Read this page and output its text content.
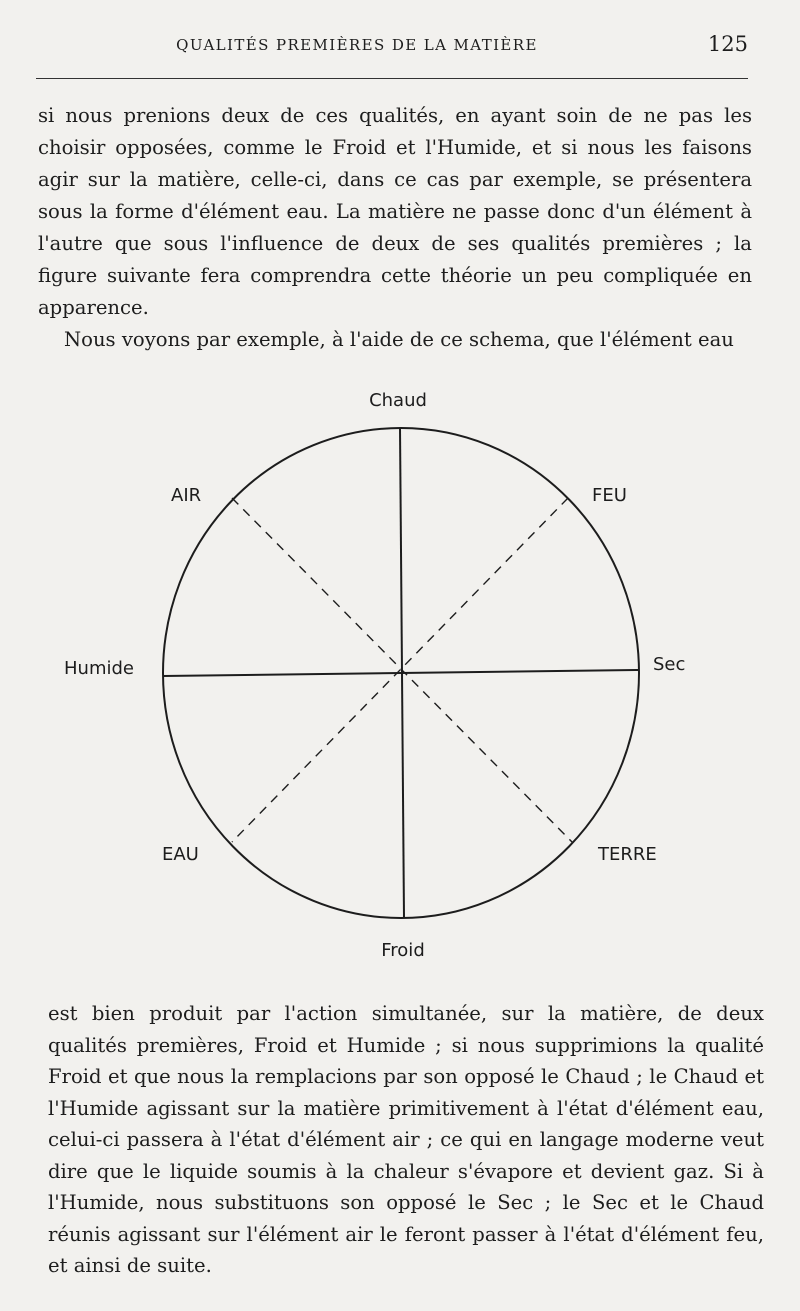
QUALITÉS PREMIÈRES DE LA MATIÈRE	125

si nous prenions deux de ces qualités, en ayant soin de ne pas les choisir opposées, comme le Froid et l'Humide, et si nous les faisons agir sur la matière, celle-ci, dans ce cas par exemple, se présentera sous la forme d'élément eau. La matière ne passe donc d'un élément à l'autre que sous l'influence de deux de ses qualités premières ; la figure suivante fera comprendra cette théorie un peu compliquée en apparence.

Nous voyons par exemple, à l'aide de ce schema, que l'élément eau

Chaud
Froid
Humide	Sec
AIR	FEU
EAU	TERRE

est bien produit par l'action simultanée, sur la matière, de deux qualités premières, Froid et Humide ; si nous supprimions la qualité Froid et que nous la remplacions par son opposé le Chaud ; le Chaud et l'Humide agissant sur la matière primitivement à l'état d'élément eau, celui-ci passera à l'état d'élément air ; ce qui en langage moderne veut dire que le liquide soumis à la chaleur s'évapore et devient gaz. Si à l'Humide, nous substituons son opposé le Sec ; le Sec et le Chaud réunis agissant sur l'élément air le feront passer à l'état d'élément feu, et ainsi de suite.
